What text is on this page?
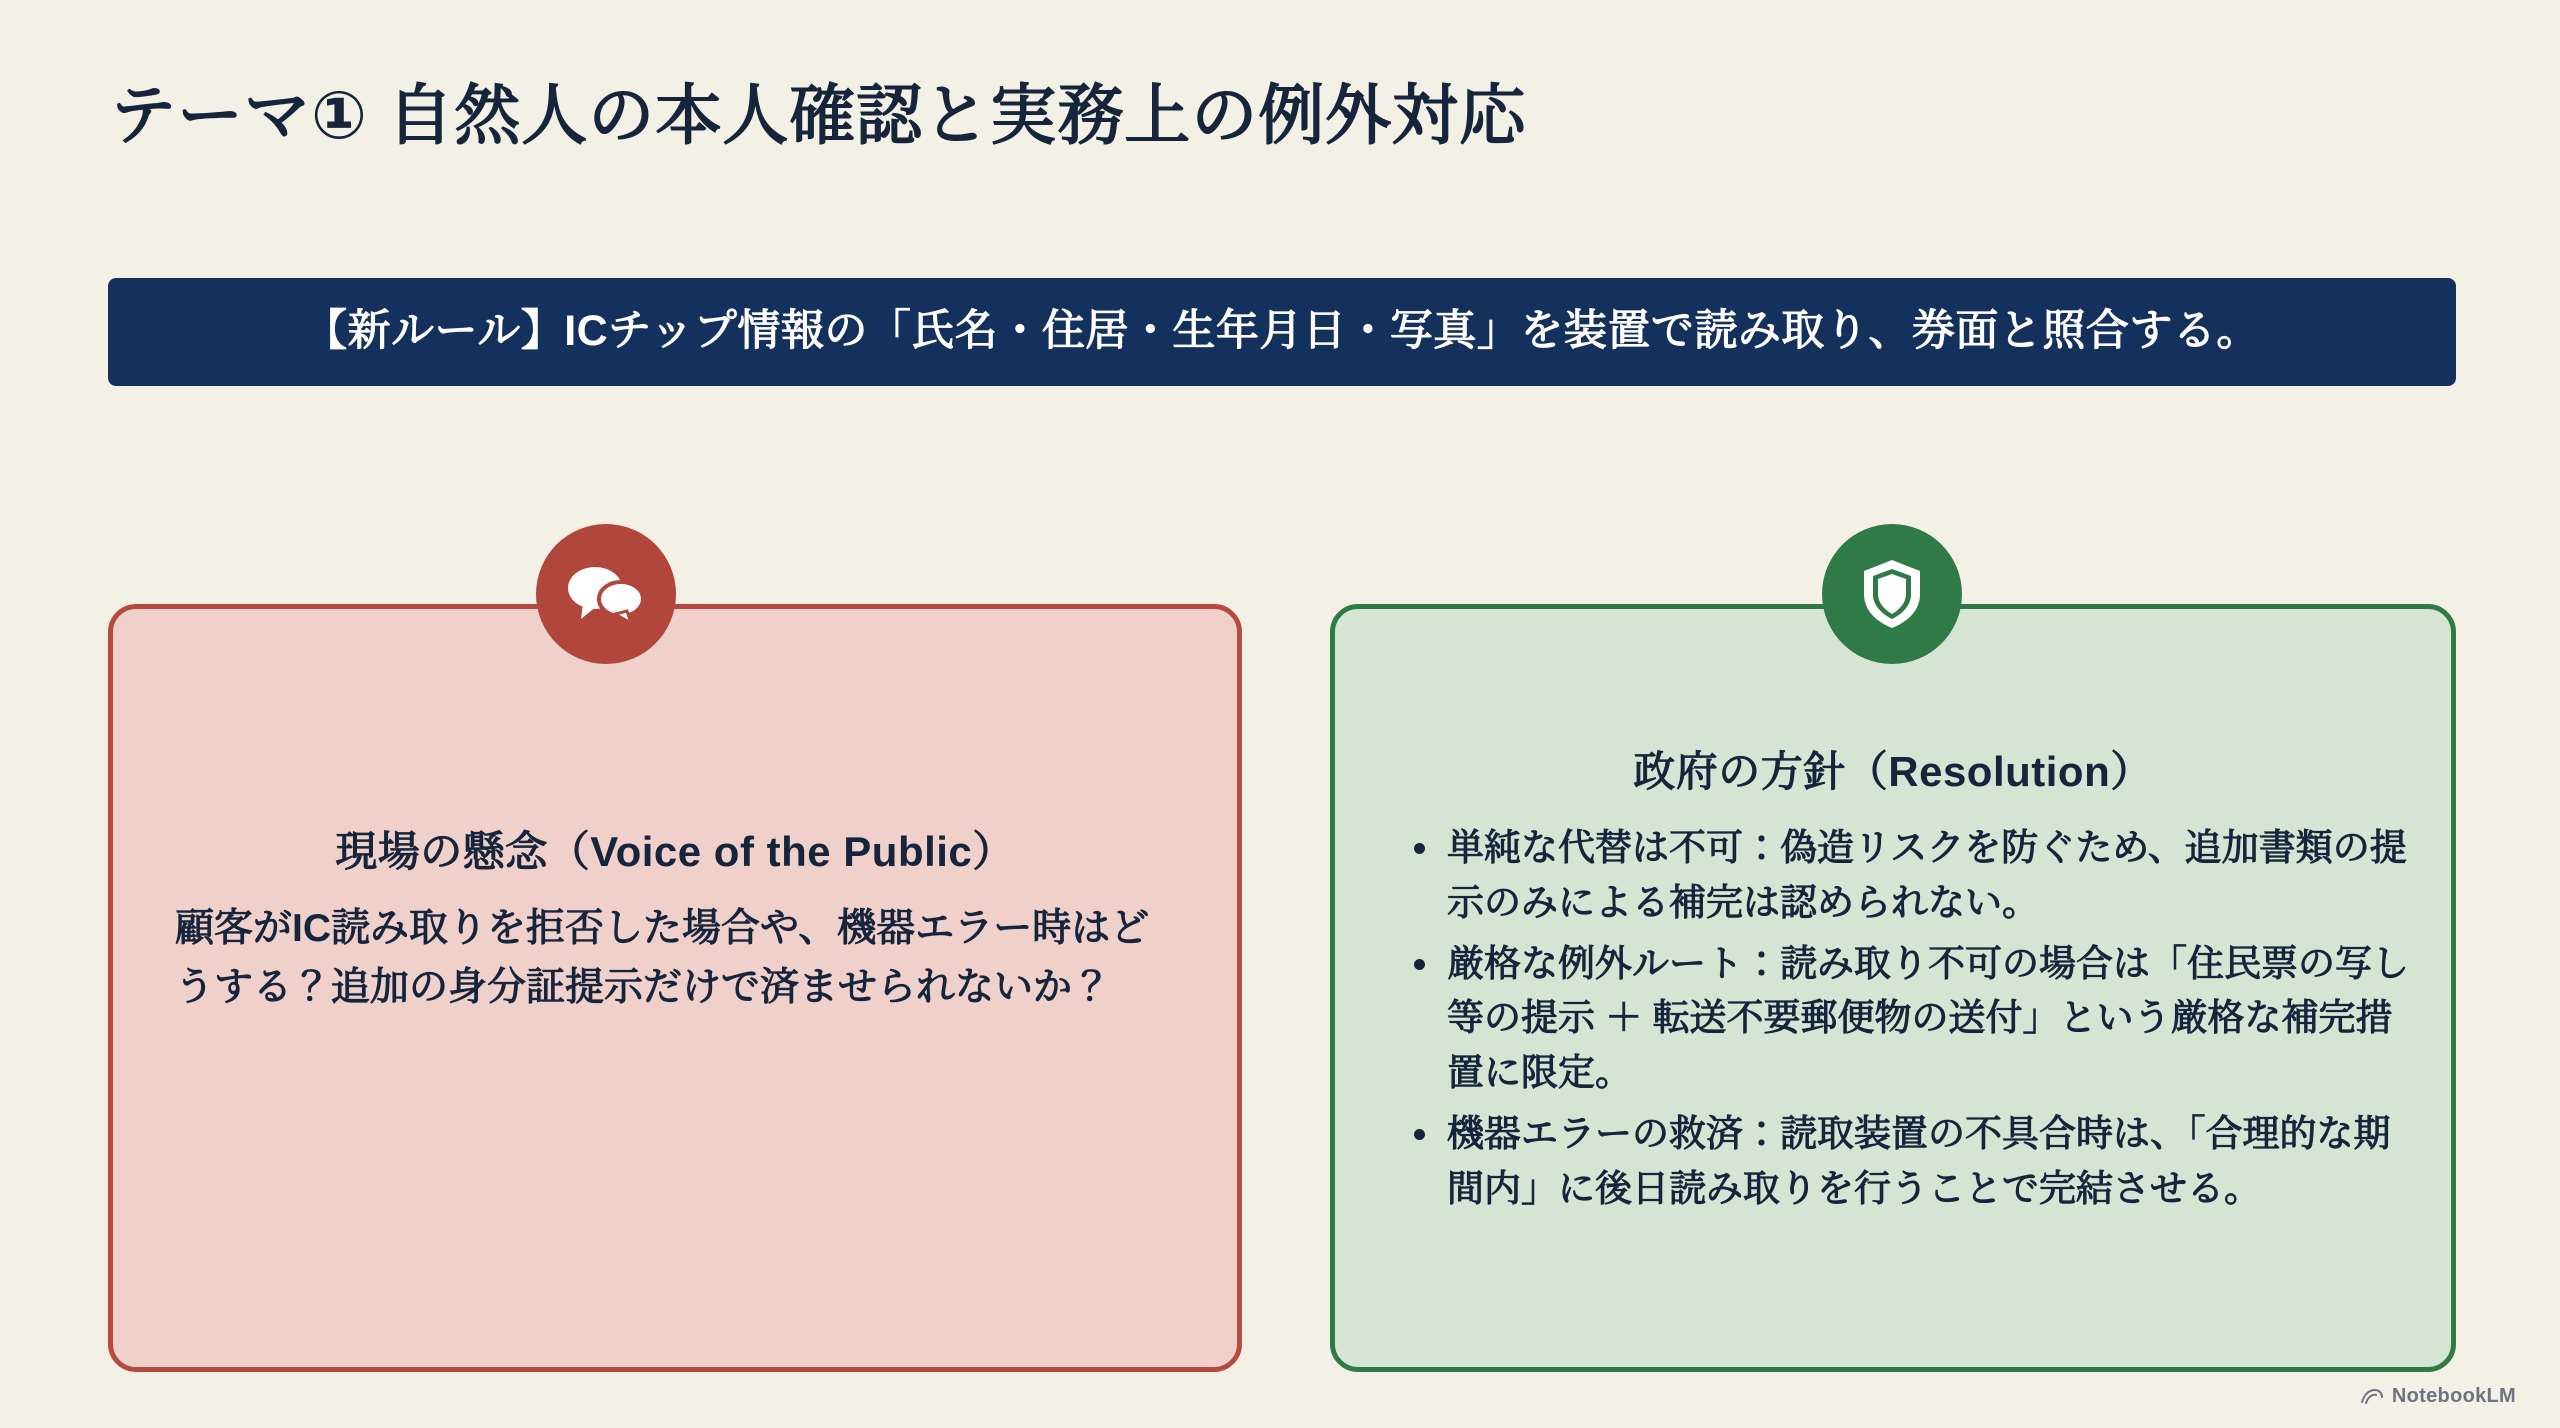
テーマ① 自然人の本人確認と実務上の例外対応
【新ルール】ICチップ情報の「氏名・住居・生年月日・写真」を装置で読み取り、券面と照合する。
現場の懸念（Voice of the Public）
顧客がIC読み取りを拒否した場合や、機器エラー時はどうする？追加の身分証提示だけで済ませられないか？
政府の方針（Resolution）
• 単純な代替は不可：偽造リスクを防ぐため、追加書類の提示のみによる補完は認められない。
• 厳格な例外ルート：読み取り不可の場合は「住民票の写し等の提示 ＋ 転送不要郵便物の送付」という厳格な補完措置に限定。
• 機器エラーの救済：読取装置の不具合時は、「合理的な期間内」に後日読み取りを行うことで完結させる。
NotebookLM
